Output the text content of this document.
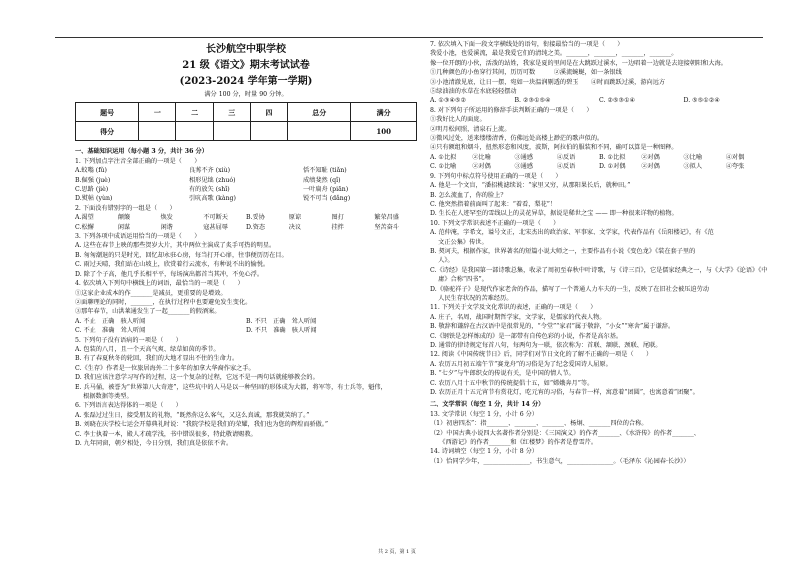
长沙航空中职学校
21 级《语文》期末考试试卷
(2023-2024 学年第一学期)
满分 100 分，时量 90 分钟。
题号	一	二	三	四	总分	满分
得分						100
一、基础知识运用（每小题 3 分，共计 36 分）
1. 下列加点字注音全部正确的一项是（　　）
A.蚊嗡 (fǔ)	良莠不齐 (xiù)	恬不知耻 (tiǎn)
B.倔强 (juè)	相形见绌 (zhuó)	成绩斐然 (qǐ)
C.思路 (jiè)	有的放矢 (shǐ)	一叶扁舟 (piān)
D.熨帖 (yùn)	引吭高歌 (kàng)	锐不可当 (dǎng)
2. 下面没有错别字的一组是（　　）
A.渴望	颠簸	焕发	不可断天	B.妥协	原谅	图打	繁荣昌盛
C.松懈	闲谋	闲谐	寇甚屈辱	D.资态	决议	挂拌	坚苦奋斗
3. 下列各项中成语运用恰当的一项是（　　）
A. 这些在春节上映的那些贺岁大片，其中两位主演成了炙手可热的明星。
B. 匆匆潮退的只是时光，回忆却永驻心房，每当打开心扉，往事便历历在目。
C. 雨过天晴，我们站在山坡上，欣赏着行云流水，有种说不出的愉悦。
D. 除了个子高，他几乎长相平平，每场演出都首当其冲，不免心浮。
4. 依次填入下列句中横线上的词语，最恰当的一项是（　　）
①这家企业成本的作_______是减员，更重要的是增效。
②面聊理论的同时，_______，在执行过程中也要避免发生变化。
③那年春节，山洪莱通发生了一起_______的假酒案。
A. 不止　正确　骇人听闻	B. 不只　正确　耸人听闻
C. 不止　准确　耸人听闻	D. 不只　准确　骇人听闻
5. 下列句子没有语病的一项是（　　）
A. 包装的八月，且一个天高气爽、绿草如茵的季节。
B. 有了春夏秋冬的轮回，我们的大地才显出不住的生命力。
C.《生存》作者是一位旅居海外二十多年的加拿大华裔作家之手。
D. 我们应该注意学习写作的过程，这一个复杂的过程，它远不是一两句话就能够教会的。
E. 兵马俑，被誉为“世界第八大奇迹”，这些坑中的人马是以一种坚固的形体成为大都，将军等，有士兵等，魁伟，
　 根据数据等类型。
6. 下列语言表达得体的一项是（　　）
A. 张磊过过生日，接受朋友的礼物，“既然你这么客气，又这么真诚，那我就笑纳了。”
B. 刘晓在庆学校七运会开幕典礼时说：“我院学校是我们的荣耀，我们也为您的辉煌而骄傲。”
C. 李士执着一本，殿人才疏学浅，书中错误很多，特此敬请赐教。
D. 九年同窗，朝夕相处，今日分别，我们真是依依不舍。
7. 依次填入下面一段文字横线处的语句，衔接最恰当的一项是（　　）
我爱小池，也爱溪流，最是我爱它们的清纯之美。_______，_______，_______，_______。
像一位开朗的小伙，活泼的站姓，我家是夏的里间是在大跳跃过溪水，一边唱着一边就是去迎接朝阳和大海。
①几种颜色的小鱼穿行其间，历历可数　　　②溪流蜿蜒，如一条银线
③小池清澈见底，让日一摆，宛如一块温润剔透的碧玉　　④时而跳跃过溪，游向远方
⑤绿油油的水草在水底轻轻摆动
A. ①③④⑤②	B. ②③①⑤④	C. ②⑤③①④	D. ⑤⑤①②④
8. 对下列句子所运用的修辞手法判断正确的一项是（　　）
①我好比人的面庞。
②明月松间照，清泉石上流。
③微风过处，送来缕缕清香，仿佛远处高楼上渺茫的歌声似的。
④只有额组和烟斗，扭然形态和风度，波斯，阿拉伯的服装和不同，确可以算是一种图释。
A. ①比拟	②比喻	③通感	④反语	B. ①比拟	②对偶	③比喻	④对偶
C. ①比喻	②对偶	③通感	④反语	D. ①对偶	②对偶	③拟人	④夸张
9. 下列句中标点符号使用正确的一项是（　　）
A. 他是一个文盲，“潘招桃滤续说：“家里又穷，从那阳果长后，就种田。”
B. 怎么流血了，你的脸上？
C. 他突然指着前面叫了起来：“着看，梨花”！
D. 生长在人迹罕至的雪线以上的灵花异草，据说是稀世之宝 —— 即一种很来详物的植物。
10. 下列文学常识表述不正确的一项是（　　）
A. 范仲淹，字希文，谥号文正，北宋杰出的政治家、军事家、文学家，代表作品有《岳阳楼记》，有《范
　 文正公集》传世。
B. 契诃夫，根据作家，世界著名的短篇小说大师之一，主要作品有小说《变色龙》《装在套子里的
　 人》。
C.《诗经》是我国第一部诗歌总集，收录了周初至春秋中叶诗歌，与《诗三百》，它是儒家经典之一，与《大学》《论语》《中
　 庸》合称“四书”。
D.《骆驼祥子》是现代作家老舍的作品，描写了一个普通人力车夫的一生，反映了在旧社会被压迫劳动
　 人民生存状况的苦难经历。
11. 下列关于文学及文化常识的表述，正确的一项是（　　）
A. 庄子，名周，战国时期哲学家，文学家，是儒家的代表人物。
B. 敬辞和谦辞在古汉语中是很常见的，“令堂”“家君”属于敬辞，“小女”“寒舍”属于谦辞。
C.《钢铁是怎样炼成的》是一部带有自传色彩的小说，作者是高尔基。
D. 通常的律诗规定每首八句，每两句为一联，依次称为：首联、颔联、颈联、尾联。
12. 阅读《中国传统节日》后，同学们对节日文化的了解不正确的一项是（　　）
A. 农历五月初五端午节“赛龙舟”的习俗是为了纪念爱国诗人屈原。
B. “七夕”与牛郎织女的传说有关，是中国的情人节。
C. 农历八月十五中秋节的传统提倡十五，如“嫦娥奔月”等。
D. 农历正月十五元宵节有赏花灯，吃元宵的习俗，与春节一样，寓意着“团圆”，也寓意着“团聚”。
二、文学常识（每空 1 分，共计 14 分）
13. 文学常识（每空 1 分，小计 6 分）
（1）初唐四杰”：指_______、_______、_______、杨炯、_______四位的合称。
（2）中国古典小说四大名著作者分别是：《三国演义》的作者_______、《水浒传》的作者_______、
　　《西游记》的作者_______和《红楼梦》的作者是曹雪芹。
14. 诗词填空（每空 1 分，小计 8 分）
（1）恰同学少年，_______________，书生意气，_______________。（毛泽东《沁园春·长沙》）
共 2 页，第 1 页
